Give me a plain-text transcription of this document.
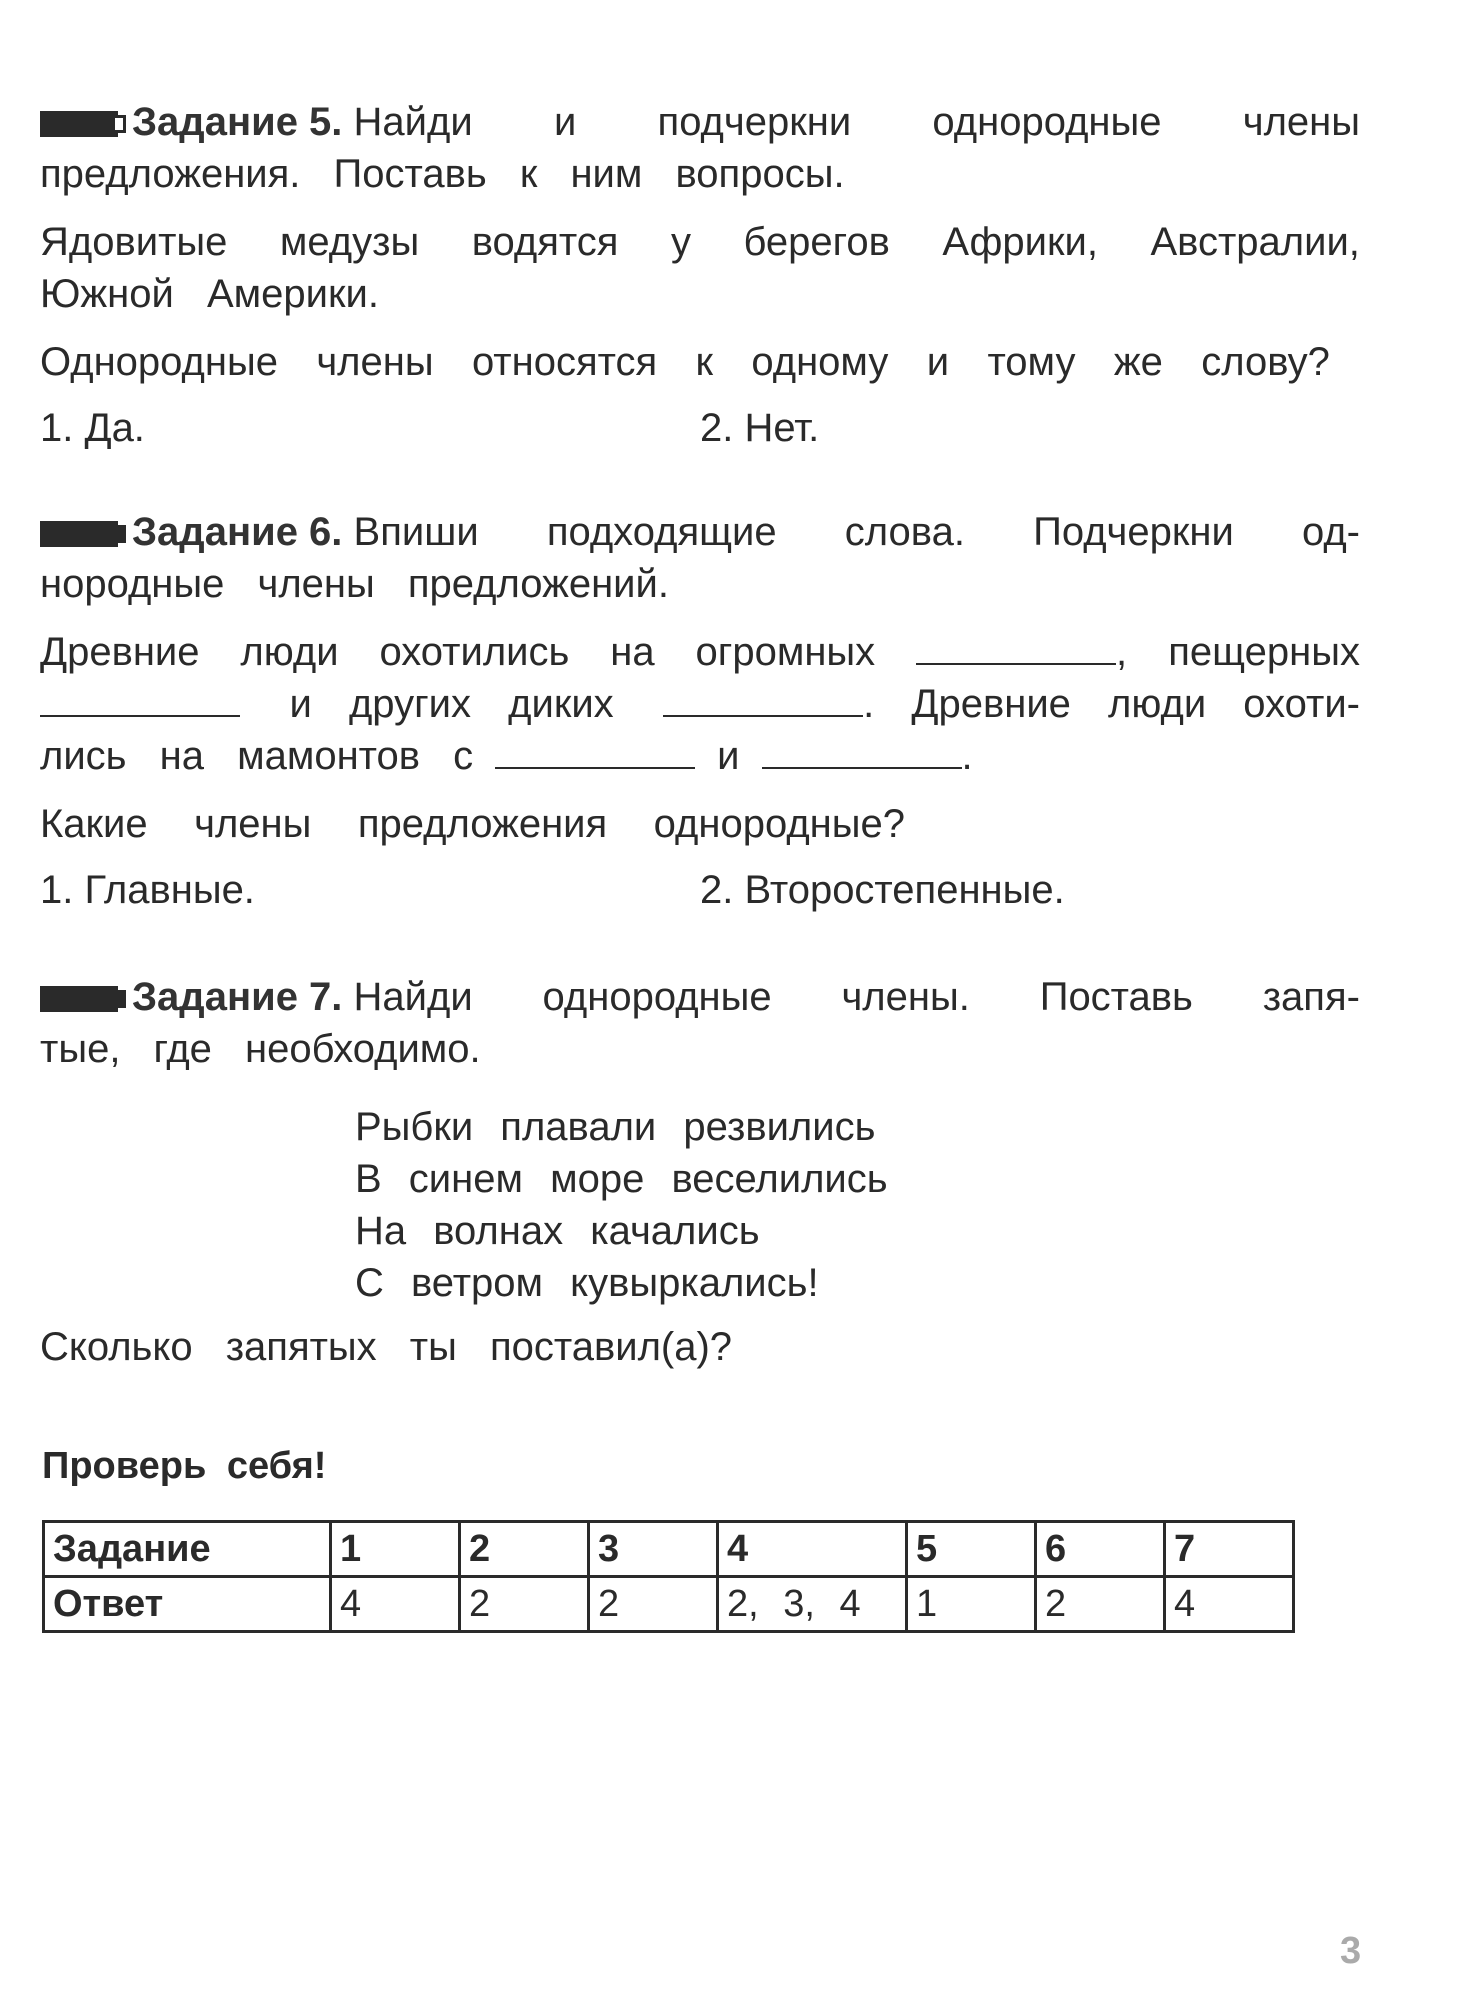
Задание 5. Найди и подчеркни однородные члены
предложения. Поставь к ним вопросы.
Ядовитые медузы водятся у берегов Африки, Австралии,
Южной Америки.
Однородные члены относятся к одному и тому же слову?
1. Да.	2. Нет.
Задание 6. Впиши подходящие слова. Подчеркни од-
нородные члены предложений.
Древние люди охотились на огромных	, пещерных
и других диких	. Древние люди охоти-
лись на мамонтов с	и	.
Какие члены предложения однородные?
1. Главные.	2. Второстепенные.
Задание 7. Найди однородные члены. Поставь запя-
тые, где необходимо.
Рыбки плавали резвились
В синем море веселились
На волнах качались
С ветром кувыркались!
Сколько запятых ты поставил(а)?
Проверь себя!
Задание	1	2	3	4	5	6	7
Ответ	4	2	2	2, 3, 4	1	2	4
3
